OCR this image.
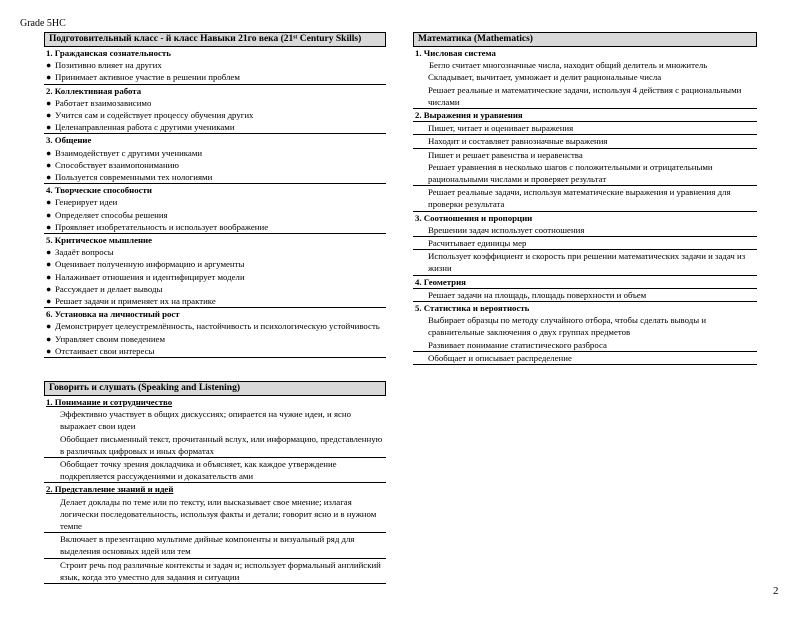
Grade 5НС
Подготовительный класс - й класс Навыки 21го века (21ˢᵗ Century Skills)
1. Гражданская сознательность
● Позитивно влияет на других
● Принимает активное участие в решении проблем
2. Коллективная работа
● Работает взаимозависимо
● Учится сам и содействует процессу обучения других
● Целенаправленная работа с другими учениками
3. Общение
● Взаимодействует с другими учениками
● Способствует взаимопониманию
● Пользуется современными тех нологиями
4. Творческие способности
● Генерирует идеи
● Определяет способы решения
● Проявляет изобретательность и использует воображение
5. Критическое мышление
● Задаёт вопросы
● Оценивает полученную информацию и аргументы
● Налаживает отношения и идентифицирует модели
● Рассуждает и делает выводы
● Решает задачи и применяет их на практике
6. Установка на личностный рост
● Демонстрирует целеустремлённость, настойчивость и психологическую устойчивость
● Управляет своим поведением
● Отстаивает свои интересы
Говорить и слушать (Speaking and Listening)
1. Понимание и сотрудничество
Эффективно участвует в общих дискуссиях; опирается на чужие идеи, и ясно выражает свои идеи
Обобщает письменный текст, прочитанный вслух, или информацию, представленную в различных цифровых и иных форматах
Обобщает точку зрения докладчика и объясняет, как каждое утверждение подкрепляется рассуждениями и доказательств ами
2. Представление знаний и идей
Делает доклады по теме или по тексту, или высказывает свое мнение; излагая логически последовательность, используя факты и детали; говорит ясно и в нужном темпе
Включает в презентацию мультиме дийные компоненты и визуальный ряд для выделения основных идей или тем
Строит речь под различные контексты и задач и; использует формальный английский язык, когда это уместно для задания и ситуации
Математика (Mathematics)
1. Числовая система
Бегло считает многозначные числа, находит общий делитель и множитель
Складывает, вычитает, умножает и делит рациональные числа
Решает реальные и математические задачи, используя 4 действия с рациональными числами
2. Выражения и уравнения
Пишет, читает и оценивает выражения
Находит и составляет равнозначные выражения
Пишет и решает равенства и неравенства
Решает уравнения в несколько шагов с положительными и отрицательными рациональными числами и проверяет результат
Решает реальные задачи, используя математические выражения и уравнения для проверки результата
3. Соотношения и пропорции
Врешении задач использует соотношения
Расчитывает единицы мер
Использует коэффициент и скорость при решении математических задачи и задач из жизни
4. Геометрия
Решает задачи на площадь, площадь поверхности и объем
5. Статистика и вероятность
Выбирает образцы по методу случайного отбора, чтобы сделать выводы и сравнительные заключения о двух группах предметов
Развивает понимание статистического разброса
Обобщает и описывает распределение
2
